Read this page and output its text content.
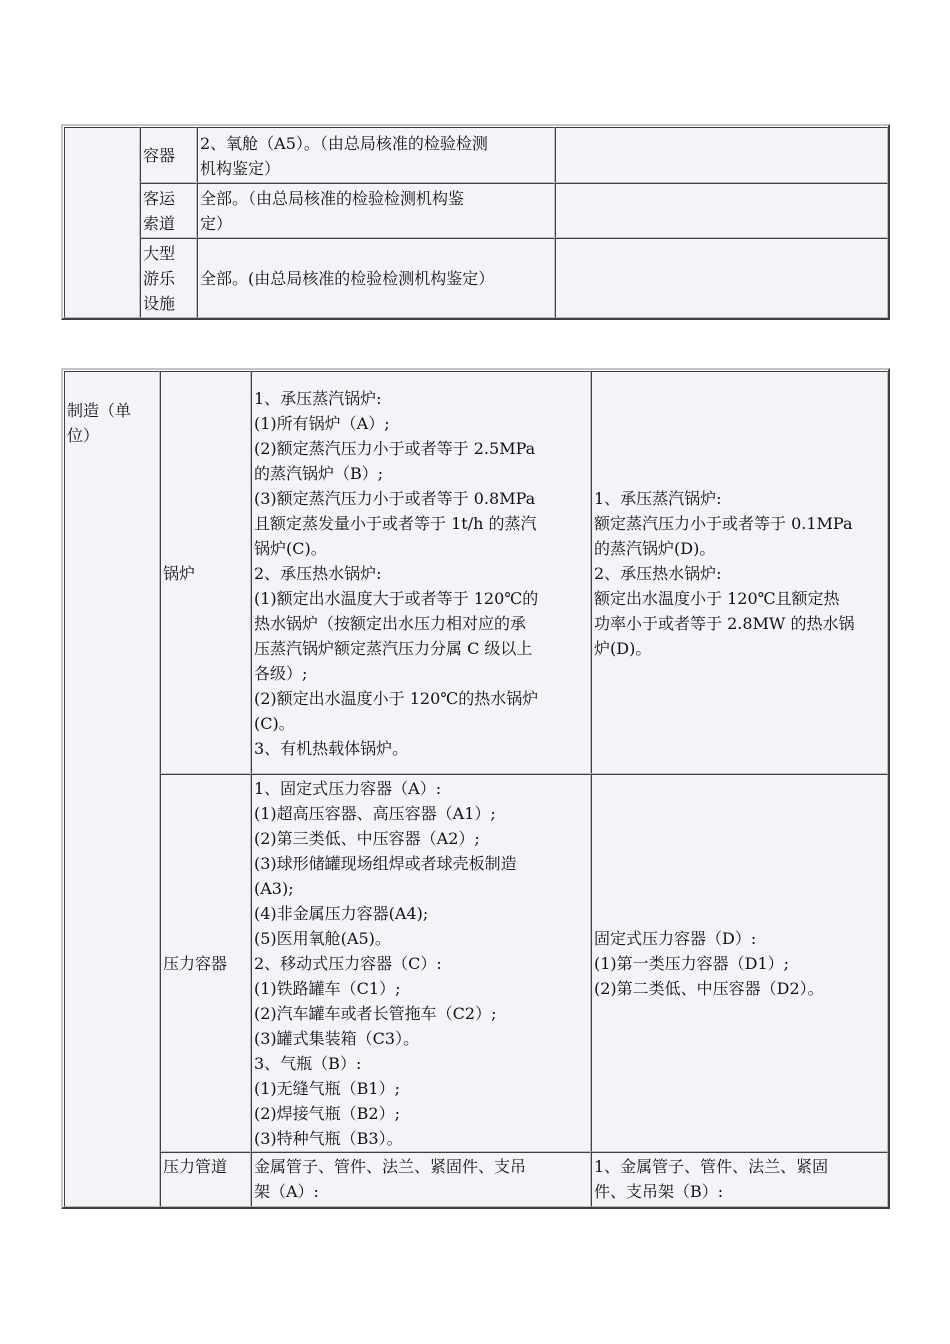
容器
2、氧舱（A5）。（由总局核准的检验检测
机构鉴定）
客运
索道
全部。（由总局核准的检验检测机构鉴
定）
大型
游乐
设施
全部。(由总局核准的检验检测机构鉴定）
制造（单
位）
锅炉
1、承压蒸汽锅炉:
(1)所有锅炉（A）;
(2)额定蒸汽压力小于或者等于 2.5MPa
的蒸汽锅炉（B）;
(3)额定蒸汽压力小于或者等于 0.8MPa
且额定蒸发量小于或者等于 1t/h 的蒸汽
锅炉(C)。
2、承压热水锅炉:
(1)额定出水温度大于或者等于 120℃的
热水锅炉（按额定出水压力相对应的承
压蒸汽锅炉额定蒸汽压力分属 C 级以上
各级）;
(2)额定出水温度小于 120℃的热水锅炉
(C)。
3、有机热载体锅炉。
1、承压蒸汽锅炉:
额定蒸汽压力小于或者等于 0.1MPa
的蒸汽锅炉(D)。
2、承压热水锅炉:
额定出水温度小于 120℃且额定热
功率小于或者等于 2.8MW 的热水锅
炉(D)。
压力容器
1、固定式压力容器（A）:
(1)超高压容器、高压容器（A1）;
(2)第三类低、中压容器（A2）;
(3)球形储罐现场组焊或者球壳板制造
(A3);
(4)非金属压力容器(A4);
(5)医用氧舱(A5)。
2、移动式压力容器（C）:
(1)铁路罐车（C1）;
(2)汽车罐车或者长管拖车（C2）;
(3)罐式集装箱（C3）。
3、气瓶（B）:
(1)无缝气瓶（B1）;
(2)焊接气瓶（B2）;
(3)特种气瓶（B3）。
固定式压力容器（D）:
(1)第一类压力容器（D1）;
(2)第二类低、中压容器（D2）。
压力管道	金属管子、管件、法兰、紧固件、支吊
架（A）:
1、金属管子、管件、法兰、紧固
件、支吊架（B）:
